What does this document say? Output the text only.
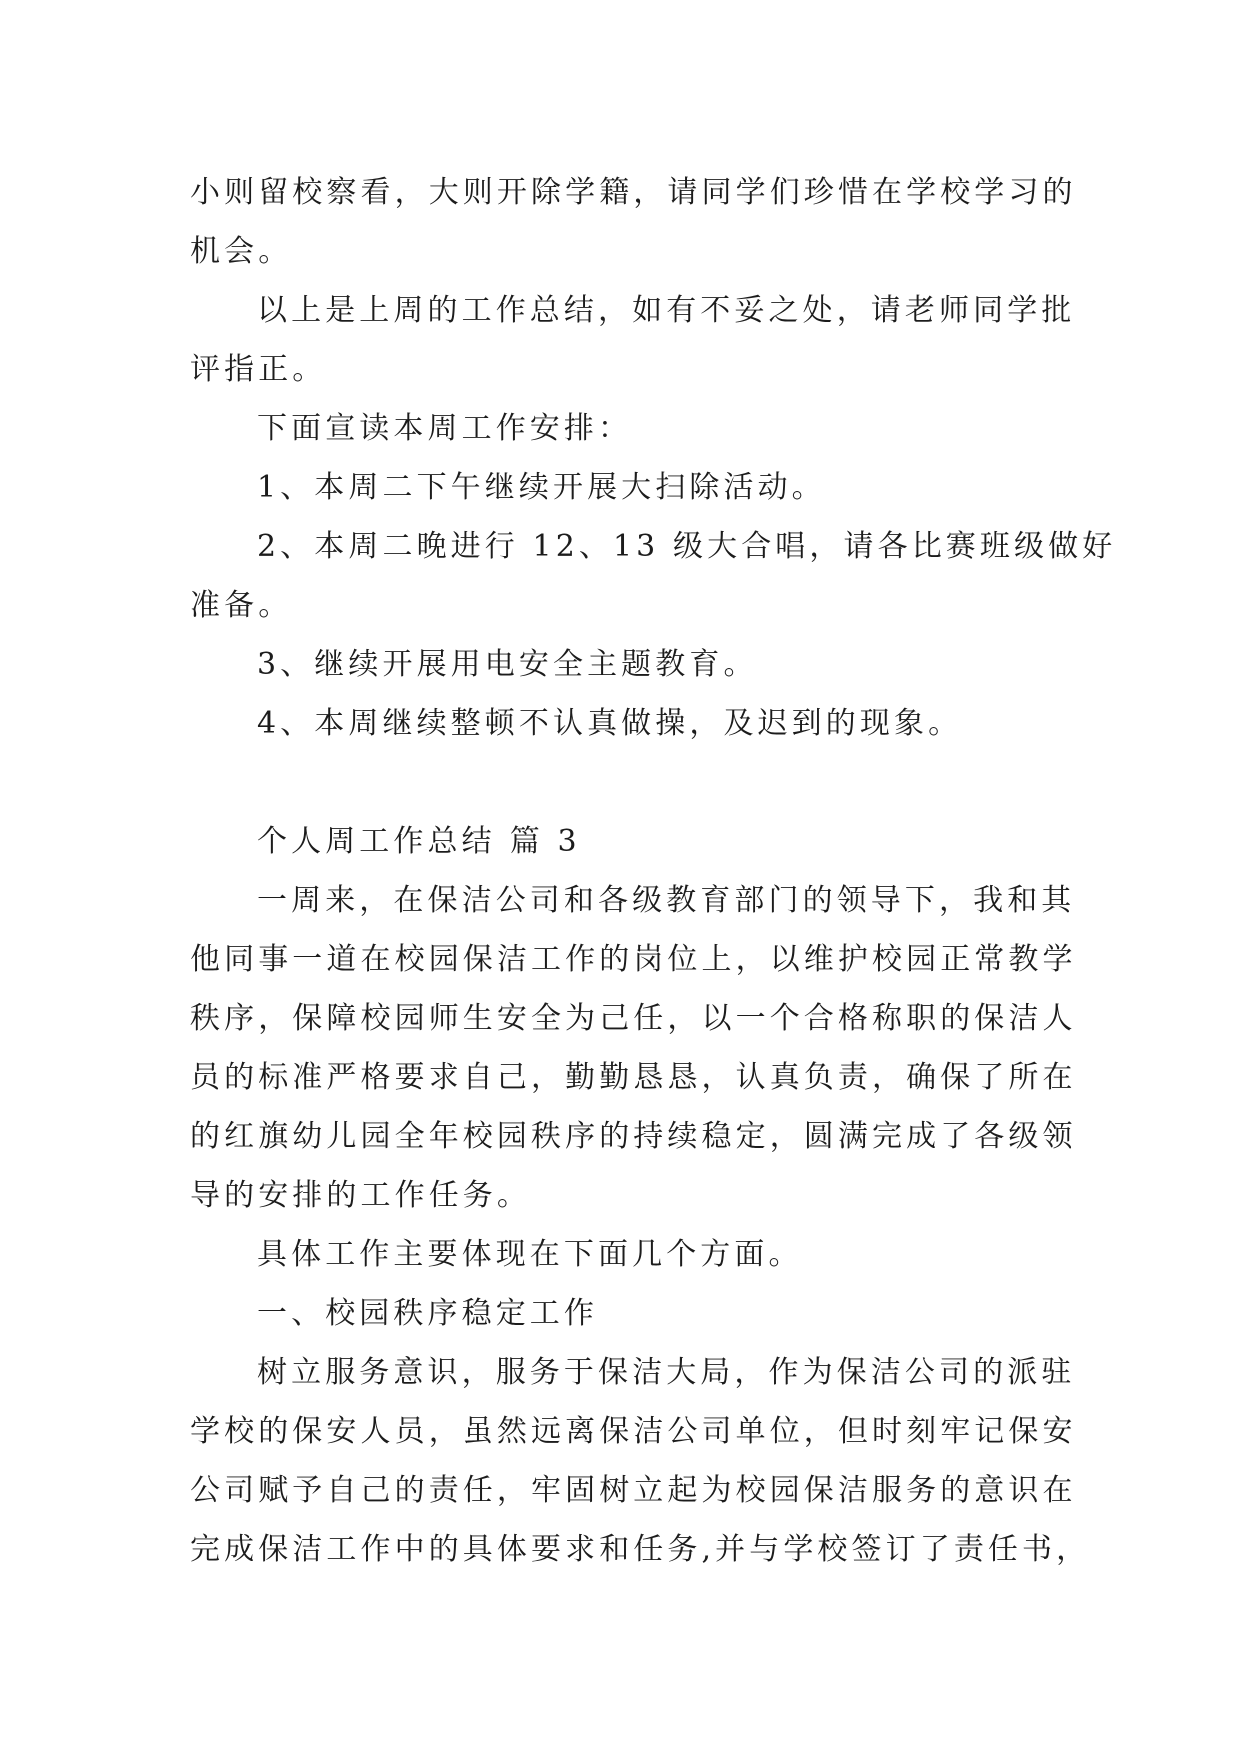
小则留校察看，大则开除学籍，请同学们珍惜在学校学习的
机会。
以上是上周的工作总结，如有不妥之处，请老师同学批
评指正。
下面宣读本周工作安排：
1、本周二下午继续开展大扫除活动。
2、本周二晚进行 12、13 级大合唱，请各比赛班级做好
准备。
3、继续开展用电安全主题教育。
4、本周继续整顿不认真做操，及迟到的现象。
个人周工作总结 篇 3
一周来，在保洁公司和各级教育部门的领导下，我和其
他同事一道在校园保洁工作的岗位上，以维护校园正常教学
秩序，保障校园师生安全为己任，以一个合格称职的保洁人
员的标准严格要求自己，勤勤恳恳，认真负责，确保了所在
的红旗幼儿园全年校园秩序的持续稳定，圆满完成了各级领
导的安排的工作任务。
具体工作主要体现在下面几个方面。
一、校园秩序稳定工作
树立服务意识，服务于保洁大局，作为保洁公司的派驻
学校的保安人员，虽然远离保洁公司单位，但时刻牢记保安
公司赋予自己的责任，牢固树立起为校园保洁服务的意识在
完成保洁工作中的具体要求和任务,并与学校签订了责任书，
